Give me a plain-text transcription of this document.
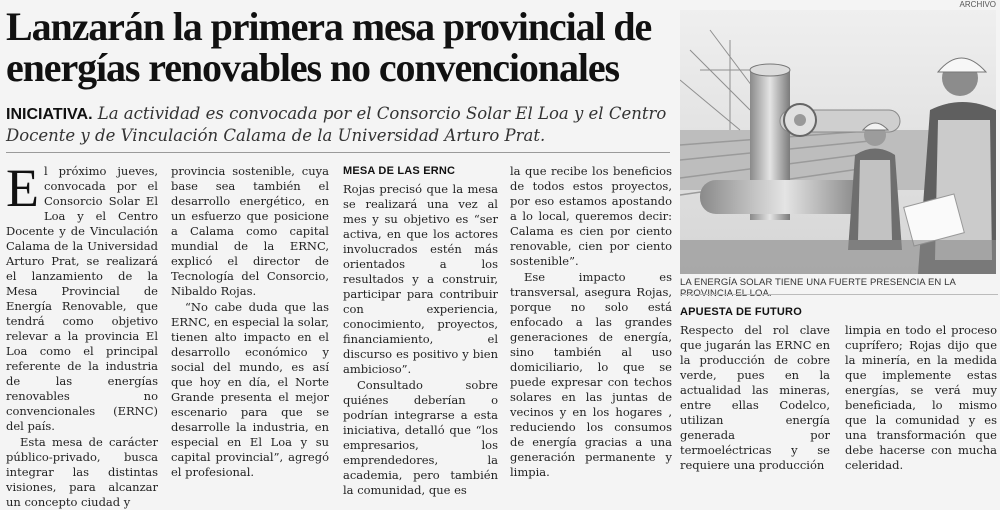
Lanzarán la primera mesa provincial de energías renovables no convencionales
INICIATIVA. La actividad es convocada por el Consorcio Solar El Loa y el Centro Docente y de Vinculación Calama de la Universidad Arturo Prat.

El próximo jueves, convocada por el Consorcio Solar El Loa y el Centro Docente y de Vinculación Calama de la Universidad Arturo Prat, se realizará el lanzamiento de la Mesa Provincial de Energía Renovable, que tendrá como objetivo relevar a la provincia El Loa como el principal referente de la industria de las energías renovables no convencionales (ERNC) del país.

Esta mesa de carácter público-privado, busca integrar las distintas visiones, para alcanzar un concepto ciudad y

provincia sostenible, cuya base sea también el desarrollo energético, en un esfuerzo que posicione a Calama como capital mundial de la ERNC, explicó el director de Tecnología del Consorcio, Nibaldo Rojas.

“No cabe duda que las ERNC, en especial la solar, tienen alto impacto en el desarrollo económico y social del mundo, es así que hoy en día, el Norte Grande presenta el mejor escenario para que se desarrolle la industria, en especial en El Loa y su capital provincial”, agregó el profesional.

MESA DE LAS ERNC

Rojas precisó que la mesa se realizará una vez al mes y su objetivo es “ser activa, en que los actores involucrados estén más orientados a los resultados y a construir, participar para contribuir con experiencia, conocimiento, proyectos, financiamiento, el discurso es positivo y bien ambicioso”.

Consultado sobre quiénes deberían o podrían integrarse a esta iniciativa, detalló que “los empresarios, los emprendedores, la academia, pero también la comunidad, que es

la que recibe los beneficios de todos estos proyectos, por eso estamos apostando a lo local, queremos decir: Calama es cien por ciento renovable, cien por ciento sostenible”.

Ese impacto es transversal, asegura Rojas, porque no solo está enfocado a las grandes generaciones de energía, sino también al uso domiciliario, lo que se puede expresar con techos solares en las juntas de vecinos y en los hogares , reduciendo los consumos de energía gracias a una generación permanente y limpia.

ARCHIVO
LA ENERGÍA SOLAR TIENE UNA FUERTE PRESENCIA EN LA PROVINCIA EL LOA.
APUESTA DE FUTURO

Respecto del rol clave que jugarán las ERNC en la producción de cobre verde, pues en la actualidad las mineras, entre ellas Codelco, utilizan energía generada por termoeléctricas y se requiere una producción

limpia en todo el proceso cuprífero; Rojas dijo que la minería, en la medida que implemente estas energías, se verá muy beneficiada, lo mismo que la comunidad y es una transformación que debe hacerse con mucha celeridad.
